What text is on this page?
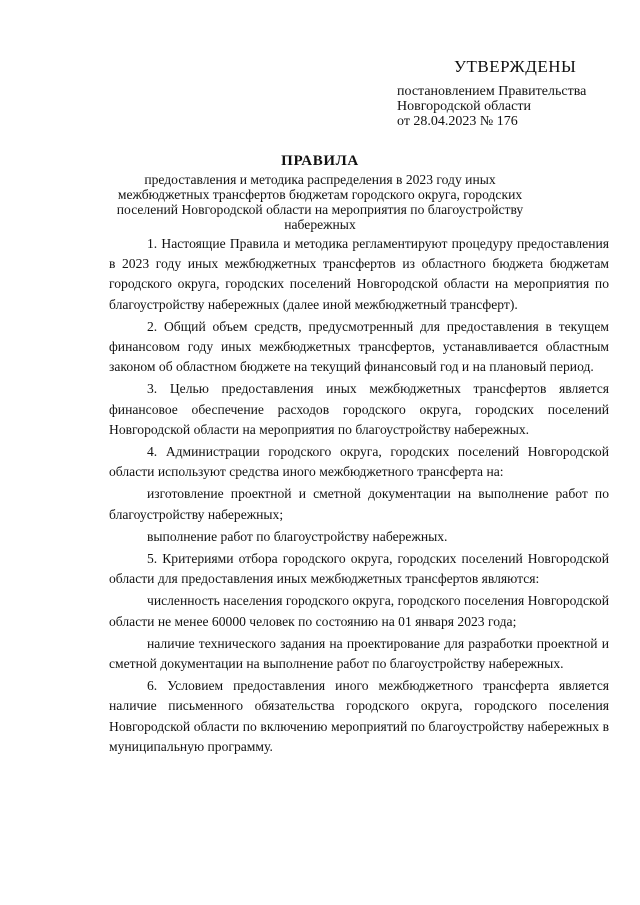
УТВЕРЖДЕНЫ
постановлением Правительства
Новгородской области
от 28.04.2023 № 176
ПРАВИЛА
предоставления и методика распределения в 2023 году иных межбюджетных трансфертов бюджетам городского округа, городских поселений Новгородской области на мероприятия по благоустройству набережных

1. Настоящие Правила и методика регламентируют процедуру предоставления в 2023 году иных межбюджетных трансфертов из областного бюджета бюджетам городского округа, городских поселений Новгородской области на мероприятия по благоустройству набережных (далее иной межбюджетный трансферт).

2. Общий объем средств, предусмотренный для предоставления в текущем финансовом году иных межбюджетных трансфертов, устанавливается областным законом об областном бюджете на текущий финансовый год и на плановый период.

3. Целью предоставления иных межбюджетных трансфертов является финансовое обеспечение расходов городского округа, городских поселений Новгородской области на мероприятия по благоустройству набережных.

4. Администрации городского округа, городских поселений Новгородской области используют средства иного межбюджетного трансферта на:

изготовление проектной и сметной документации на выполнение работ по благоустройству набережных;

выполнение работ по благоустройству набережных.

5. Критериями отбора городского округа, городских поселений Новгородской области для предоставления иных межбюджетных трансфертов являются:

численность населения городского округа, городского поселения Новгородской области не менее 60000 человек по состоянию на 01 января 2023 года;

наличие технического задания на проектирование для разработки проектной и сметной документации на выполнение работ по благоустройству набережных.

6. Условием предоставления иного межбюджетного трансферта является наличие письменного обязательства городского округа, городского поселения Новгородской области по включению мероприятий по благоустройству набережных в муниципальную программу.
